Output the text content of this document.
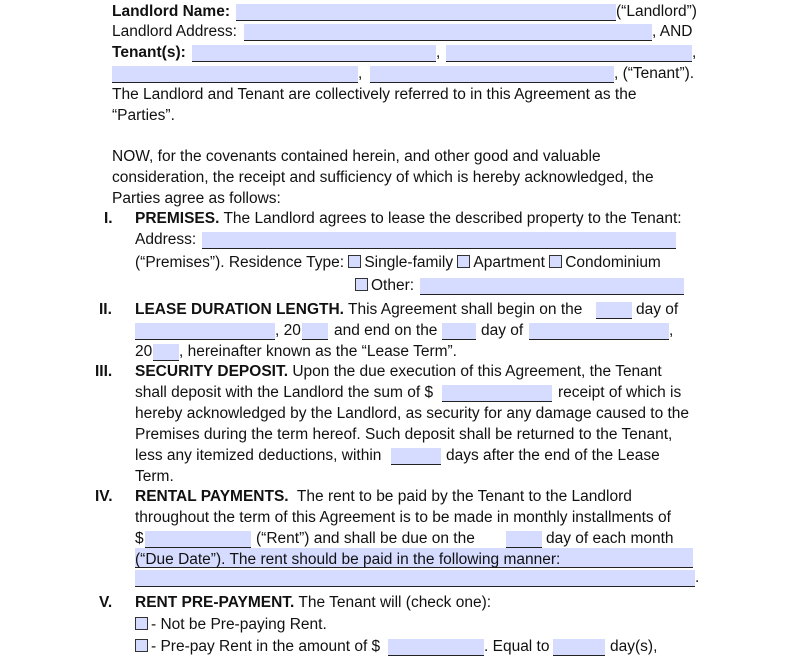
Landlord Name:	(“Landlord”)
Landlord Address:	, AND
Tenant(s):	,	,
,	, (“Tenant”).
The Landlord and Tenant are collectively referred to in this Agreement as the
“Parties”.
NOW, for the covenants contained herein, and other good and valuable
consideration, the receipt and sufficiency of which is hereby acknowledged, the
Parties agree as follows:
I. PREMISES. The Landlord agrees to lease the described property to the Tenant:
Address:
(“Premises”). Residence Type: Single-family Apartment Condominium
Other:
II. LEASE DURATION LENGTH. This Agreement shall begin on the	day of
, 20 and end on the	day of	,
20 , hereinafter known as the “Lease Term”.
III. SECURITY DEPOSIT. Upon the due execution of this Agreement, the Tenant
shall deposit with the Landlord the sum of $	receipt of which is
hereby acknowledged by the Landlord, as security for any damage caused to the
Premises during the term hereof. Such deposit shall be returned to the Tenant,
less any itemized deductions, within	days after the end of the Lease
Term.
IV. RENTAL PAYMENTS.  The rent to be paid by the Tenant to the Landlord
throughout the term of this Agreement is to be made in monthly installments of
$	(“Rent”) and shall be due on the	day of each month
(“Due Date”). The rent should be paid in the following manner:
.
V. RENT PRE-PAYMENT. The Tenant will (check one):
- Not be Pre-paying Rent.
- Pre-pay Rent in the amount of $	. Equal to	day(s),
